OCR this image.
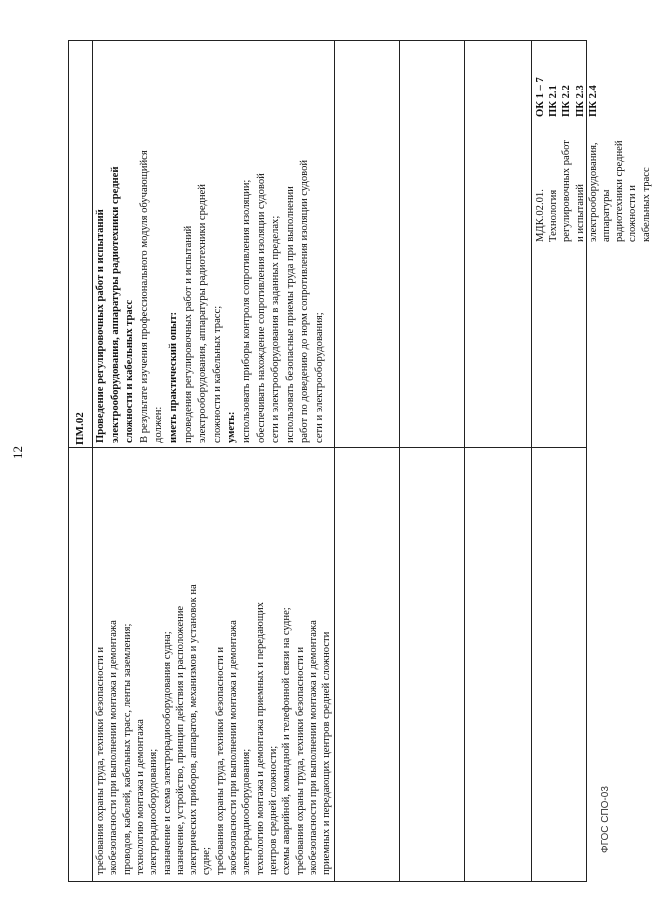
12
ПМ.02
требования охраны труда, техники безопасности и экобезопасности при выполнении монтажа и демонтажа проводов, кабелей, кабельных трасс, ленты заземления; технологию монтажа и демонтажа электрорадиооборудования; назначение и схема электрорадиооборудования судна; назначение, устройство, принцип действия и расположение электрических приборов, аппаратов, механизмов и установок на судне; требования охраны труда, техники безопасности и экобезопасности при выполнении монтажа и демонтажа электрорадиооборудования; технологию монтажа и демонтажа приемных и передающих центров средней сложности; схемы аварийной, командной и телефонной связи на судне; требования охраны труда, техники безопасности и экобезопасности при выполнении монтажа и демонтажа приемных и передающих центров средней сложности
Проведение регулировочных работ и испытаний электрооборудования, аппаратуры радиотехники средней сложности и кабельных трасс В результате изучения профессионального модуля обучающийся должен: иметь практический опыт: проведения регулировочных работ и испытаний электрооборудования, аппаратуры радиотехники средней сложности и кабельных трасс; уметь: использовать приборы контроля сопротивления изоляции; обеспечивать нахождение сопротивления изоляции судовой сети и электрооборудования в заданных пределах; использовать безопасные приемы труда при выполнении работ по доведению до норм сопротивления изоляции судовой сети и электрооборудования;
МДК.02.01. Технология регулировочных работ и испытаний электрооборудования, аппаратуры радиотехники средней сложности и кабельных трасс
ОК 1 – 7 ПК 2.1 ПК 2.2 ПК 2.3 ПК 2.4
ФГОС СПО-03
